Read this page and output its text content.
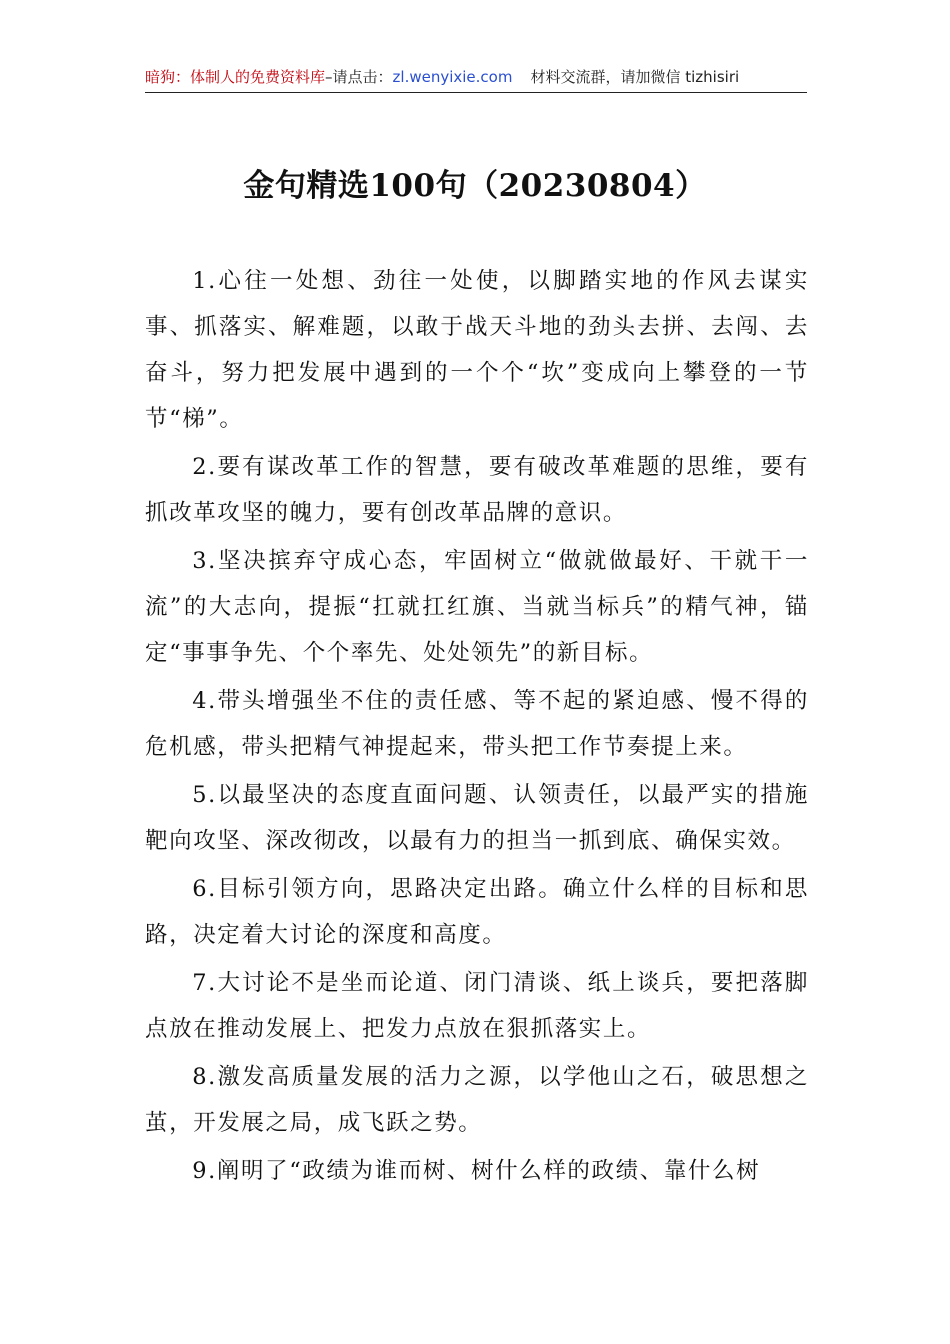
暗狗：体制人的免费资料库–请点击：zl.wenyixie.com 材料交流群，请加微信 tizhisiri
金句精选100句（20230804）

1.心往一处想、劲往一处使，以脚踏实地的作风去谋实事、抓落实、解难题，以敢于战天斗地的劲头去拼、去闯、去奋斗，努力把发展中遇到的一个个“坎”变成向上攀登的一节节“梯”。

2.要有谋改革工作的智慧，要有破改革难题的思维，要有抓改革攻坚的魄力，要有创改革品牌的意识。

3.坚决摈弃守成心态，牢固树立“做就做最好、干就干一流”的大志向，提振“扛就扛红旗、当就当标兵”的精气神，锚定“事事争先、个个率先、处处领先”的新目标。

4.带头增强坐不住的责任感、等不起的紧迫感、慢不得的危机感，带头把精气神提起来，带头把工作节奏提上来。

5.以最坚决的态度直面问题、认领责任，以最严实的措施靶向攻坚、深改彻改，以最有力的担当一抓到底、确保实效。

6.目标引领方向，思路决定出路。确立什么样的目标和思路，决定着大讨论的深度和高度。

7.大讨论不是坐而论道、闭门清谈、纸上谈兵，要把落脚点放在推动发展上、把发力点放在狠抓落实上。

8.激发高质量发展的活力之源，以学他山之石，破思想之茧，开发展之局，成飞跃之势。

9.阐明了“政绩为谁而树、树什么样的政绩、靠什么树
